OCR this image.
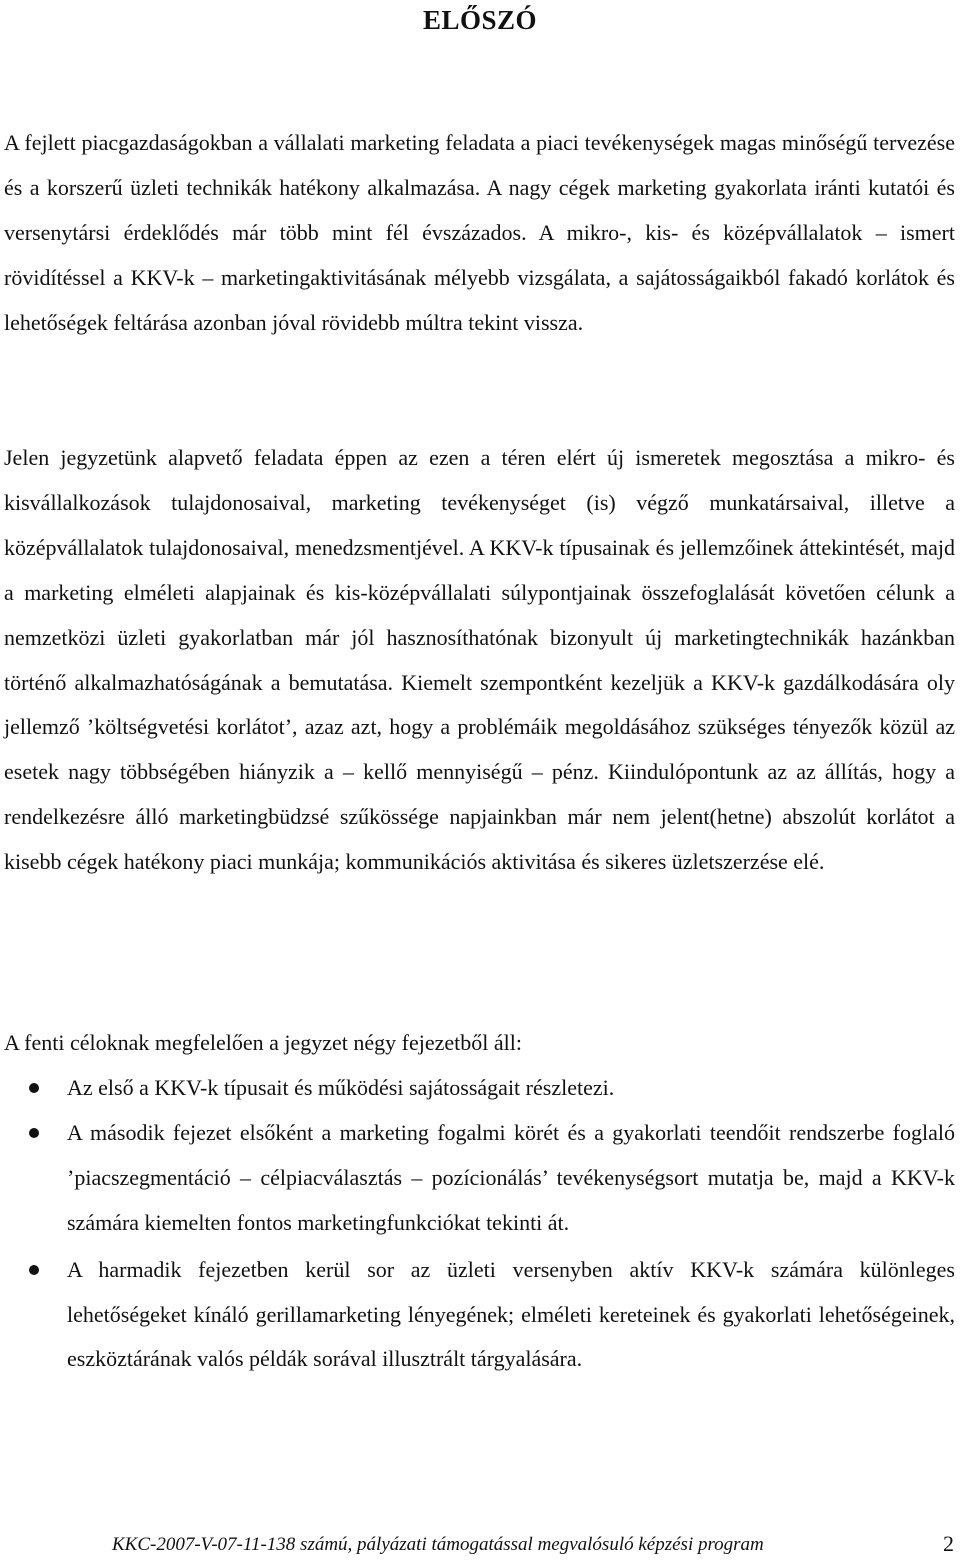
ELŐSZÓ

A fejlett piacgazdaságokban a vállalati marketing feladata a piaci tevékenységek magas minőségű tervezése és a korszerű üzleti technikák hatékony alkalmazása. A nagy cégek marketing gyakorlata iránti kutatói és versenytársi érdeklődés már több mint fél évszázados. A mikro-, kis- és középvállalatok – ismert rövidítéssel a KKV-k – marketingaktivitásának mélyebb vizsgálata, a sajátosságaikból fakadó korlátok és lehetőségek feltárása azonban jóval rövidebb múltra tekint vissza.

Jelen jegyzetünk alapvető feladata éppen az ezen a téren elért új ismeretek megosztása a mikro- és kisvállalkozások tulajdonosaival, marketing tevékenységet (is) végző munkatársaival, illetve a középvállalatok tulajdonosaival, menedzsmentjével. A KKV-k típusainak és jellemzőinek áttekintését, majd a marketing elméleti alapjainak és kis-középvállalati súlypontjainak összefoglalását követően célunk a nemzetközi üzleti gyakorlatban már jól hasznosíthatónak bizonyult új marketingtechnikák hazánkban történő alkalmazhatóságának a bemutatása. Kiemelt szempontként kezeljük a KKV-k gazdálkodására oly jellemző ’költségvetési korlátot’, azaz azt, hogy a problémáik megoldásához szükséges tényezők közül az esetek nagy többségében hiányzik a – kellő mennyiségű – pénz. Kiindulópontunk az az állítás, hogy a rendelkezésre álló marketingbüdzsé szűkössége napjainkban már nem jelent(hetne) abszolút korlátot a kisebb cégek hatékony piaci munkája; kommunikációs aktivitása és sikeres üzletszerzése elé.

A fenti céloknak megfelelően a jegyzet négy fejezetből áll:

Az első a KKV-k típusait és működési sajátosságait részletezi.
A második fejezet elsőként a marketing fogalmi körét és a gyakorlati teendőit rendszerbe foglaló ’piacszegmentáció – célpiacválasztás – pozícionálás’ tevékenységsort mutatja be, majd a KKV-k számára kiemelten fontos marketingfunkciókat tekinti át.
A harmadik fejezetben kerül sor az üzleti versenyben aktív KKV-k számára különleges lehetőségeket kínáló gerillamarketing lényegének; elméleti kereteinek és gyakorlati lehetőségeinek, eszköztárának valós példák sorával illusztrált tárgyalására.
KKC-2007-V-07-11-138 számú, pályázati támogatással megvalósuló képzési program	2
